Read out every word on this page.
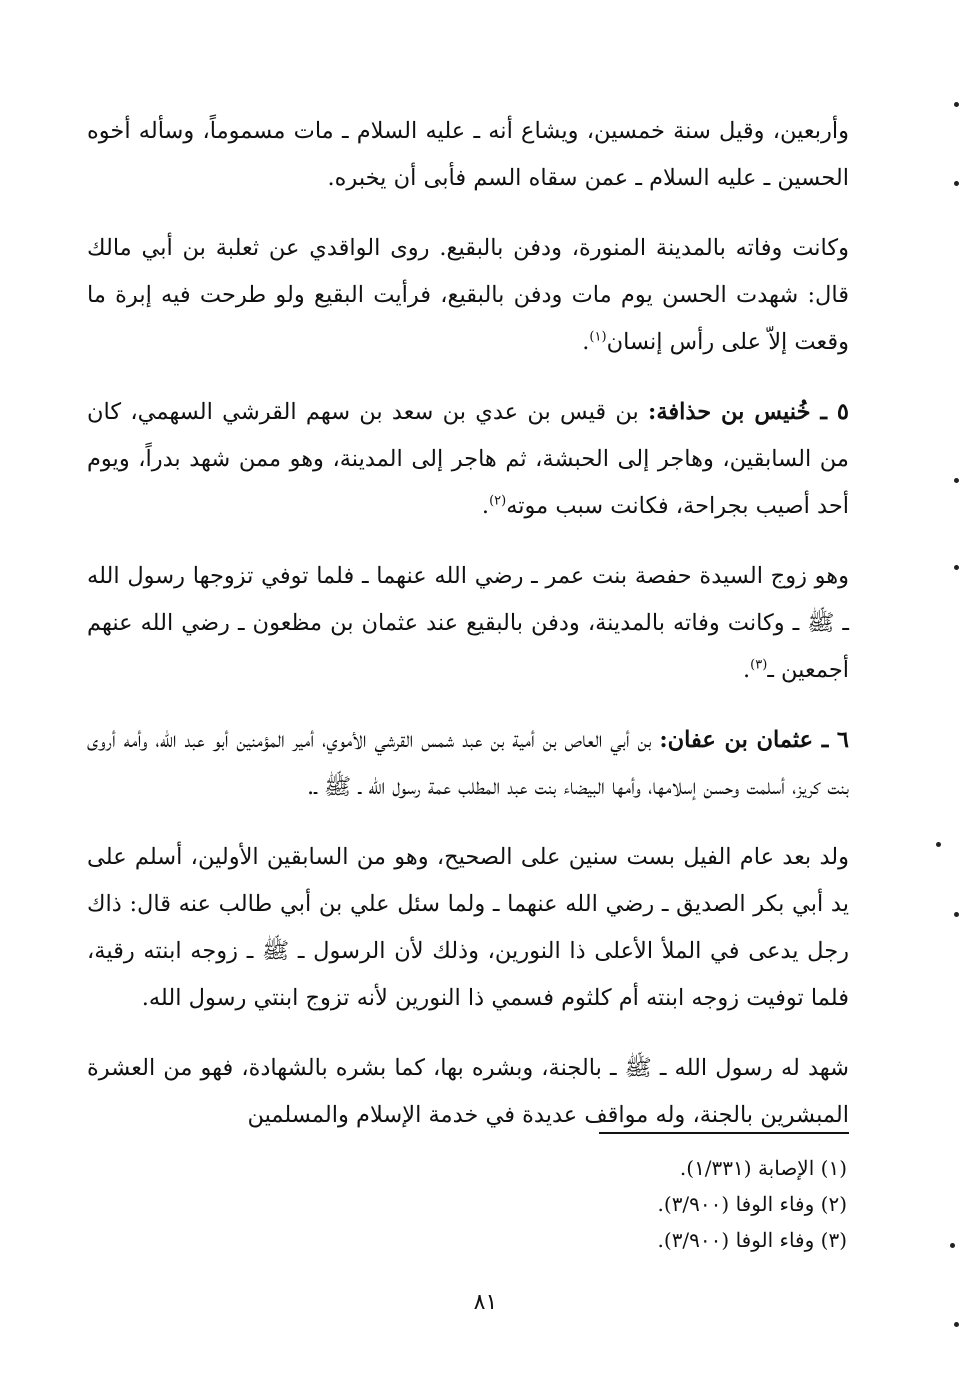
وأربعين، وقيل سنة خمسين، ويشاع أنه ـ عليه السلام ـ مات مسموماً، وسأله أخوه الحسين ـ عليه السلام ـ عمن سقاه السم فأبى أن يخبره.

وكانت وفاته بالمدينة المنورة، ودفن بالبقيع. روى الواقدي عن ثعلبة بن أبي مالك قال: شهدت الحسن يوم مات ودفن بالبقيع، فرأيت البقيع ولو طرحت فيه إبرة ما وقعت إلاّ على رأس إنسان$^{(١)}$.

٥ ـ خُنيس بن حذافة: بن قيس بن عدي بن سعد بن سهم القرشي السهمي، كان من السابقين، وهاجر إلى الحبشة، ثم هاجر إلى المدينة، وهو ممن شهد بدراً، ويوم أحد أصيب بجراحة، فكانت سبب موته$^{(٢)}$.

وهو زوج السيدة حفصة بنت عمر ـ رضي الله عنهما ـ فلما توفي تزوجها رسول الله ـ ﷺ ـ وكانت وفاته بالمدينة، ودفن بالبقيع عند عثمان بن مظعون ـ رضي الله عنهم أجمعين ـ$^{(٣)}$.

٦ ـ عثمان بن عفان: بن أبي العاص بن أمية بن عبد شمس القرشي الأموي، أمير المؤمنين أبو عبد الله، وأمه أروى بنت كريز، أسلمت وحسن إسلامها، وأمها البيضاء بنت عبد المطلب عمة رسول الله ـ ﷺ ـ.

ولد بعد عام الفيل بست سنين على الصحيح، وهو من السابقين الأولين، أسلم على يد أبي بكر الصديق ـ رضي الله عنهما ـ ولما سئل علي بن أبي طالب عنه قال: ذاك رجل يدعى في الملأ الأعلى ذا النورين، وذلك لأن الرسول ـ ﷺ ـ زوجه ابنته رقية، فلما توفيت زوجه ابنته أم كلثوم فسمي ذا النورين لأنه تزوج ابنتي رسول الله.

شهد له رسول الله ـ ﷺ ـ بالجنة، وبشره بها، كما بشره بالشهادة، فهو من العشرة المبشرين بالجنة، وله مواقف عديدة في خدمة الإسلام والمسلمين

(١) الإصابة (١/٣٣١).
(٢) وفاء الوفا (٣/٩٠٠).
(٣) وفاء الوفا (٣/٩٠٠).
٨١
